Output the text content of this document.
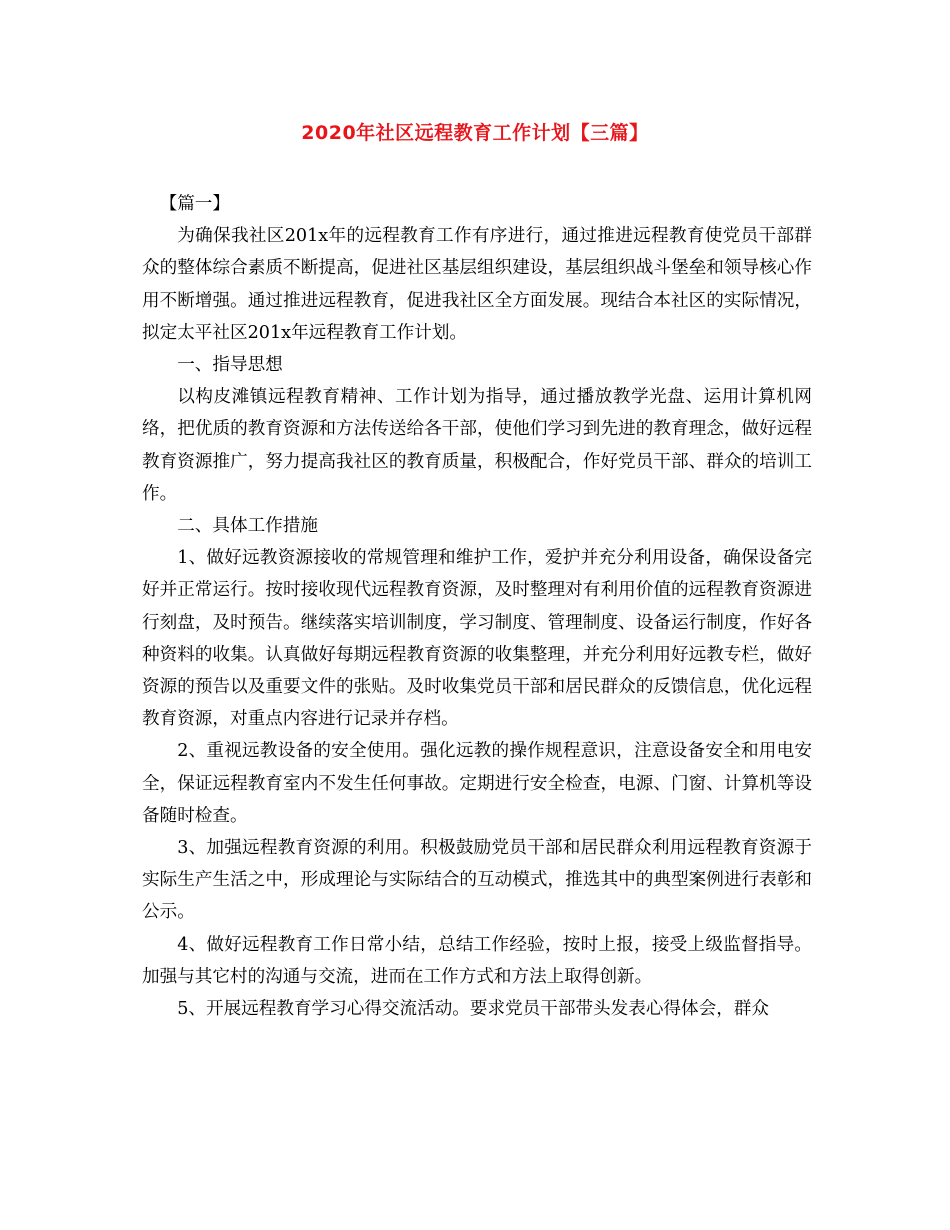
2020年社区远程教育工作计划【三篇】

【篇一】

为确保我社区201x年的远程教育工作有序进行，通过推进远程教育使党员干部群众的整体综合素质不断提高，促进社区基层组织建设，基层组织战斗堡垒和领导核心作用不断增强。通过推进远程教育，促进我社区全方面发展。现结合本社区的实际情况，拟定太平社区201x年远程教育工作计划。

一、指导思想

以构皮滩镇远程教育精神、工作计划为指导，通过播放教学光盘、运用计算机网络，把优质的教育资源和方法传送给各干部，使他们学习到先进的教育理念，做好远程教育资源推广，努力提高我社区的教育质量，积极配合，作好党员干部、群众的培训工作。

二、具体工作措施

1、做好远教资源接收的常规管理和维护工作，爱护并充分利用设备，确保设备完好并正常运行。按时接收现代远程教育资源，及时整理对有利用价值的远程教育资源进行刻盘，及时预告。继续落实培训制度，学习制度、管理制度、设备运行制度，作好各种资料的收集。认真做好每期远程教育资源的收集整理，并充分利用好远教专栏，做好资源的预告以及重要文件的张贴。及时收集党员干部和居民群众的反馈信息，优化远程教育资源，对重点内容进行记录并存档。

2、重视远教设备的安全使用。强化远教的操作规程意识，注意设备安全和用电安全，保证远程教育室内不发生任何事故。定期进行安全检查，电源、门窗、计算机等设备随时检查。

3、加强远程教育资源的利用。积极鼓励党员干部和居民群众利用远程教育资源于实际生产生活之中，形成理论与实际结合的互动模式，推选其中的典型案例进行表彰和公示。

4、做好远程教育工作日常小结，总结工作经验，按时上报，接受上级监督指导。加强与其它村的沟通与交流，进而在工作方式和方法上取得创新。

5、开展远程教育学习心得交流活动。要求党员干部带头发表心得体会，群众
